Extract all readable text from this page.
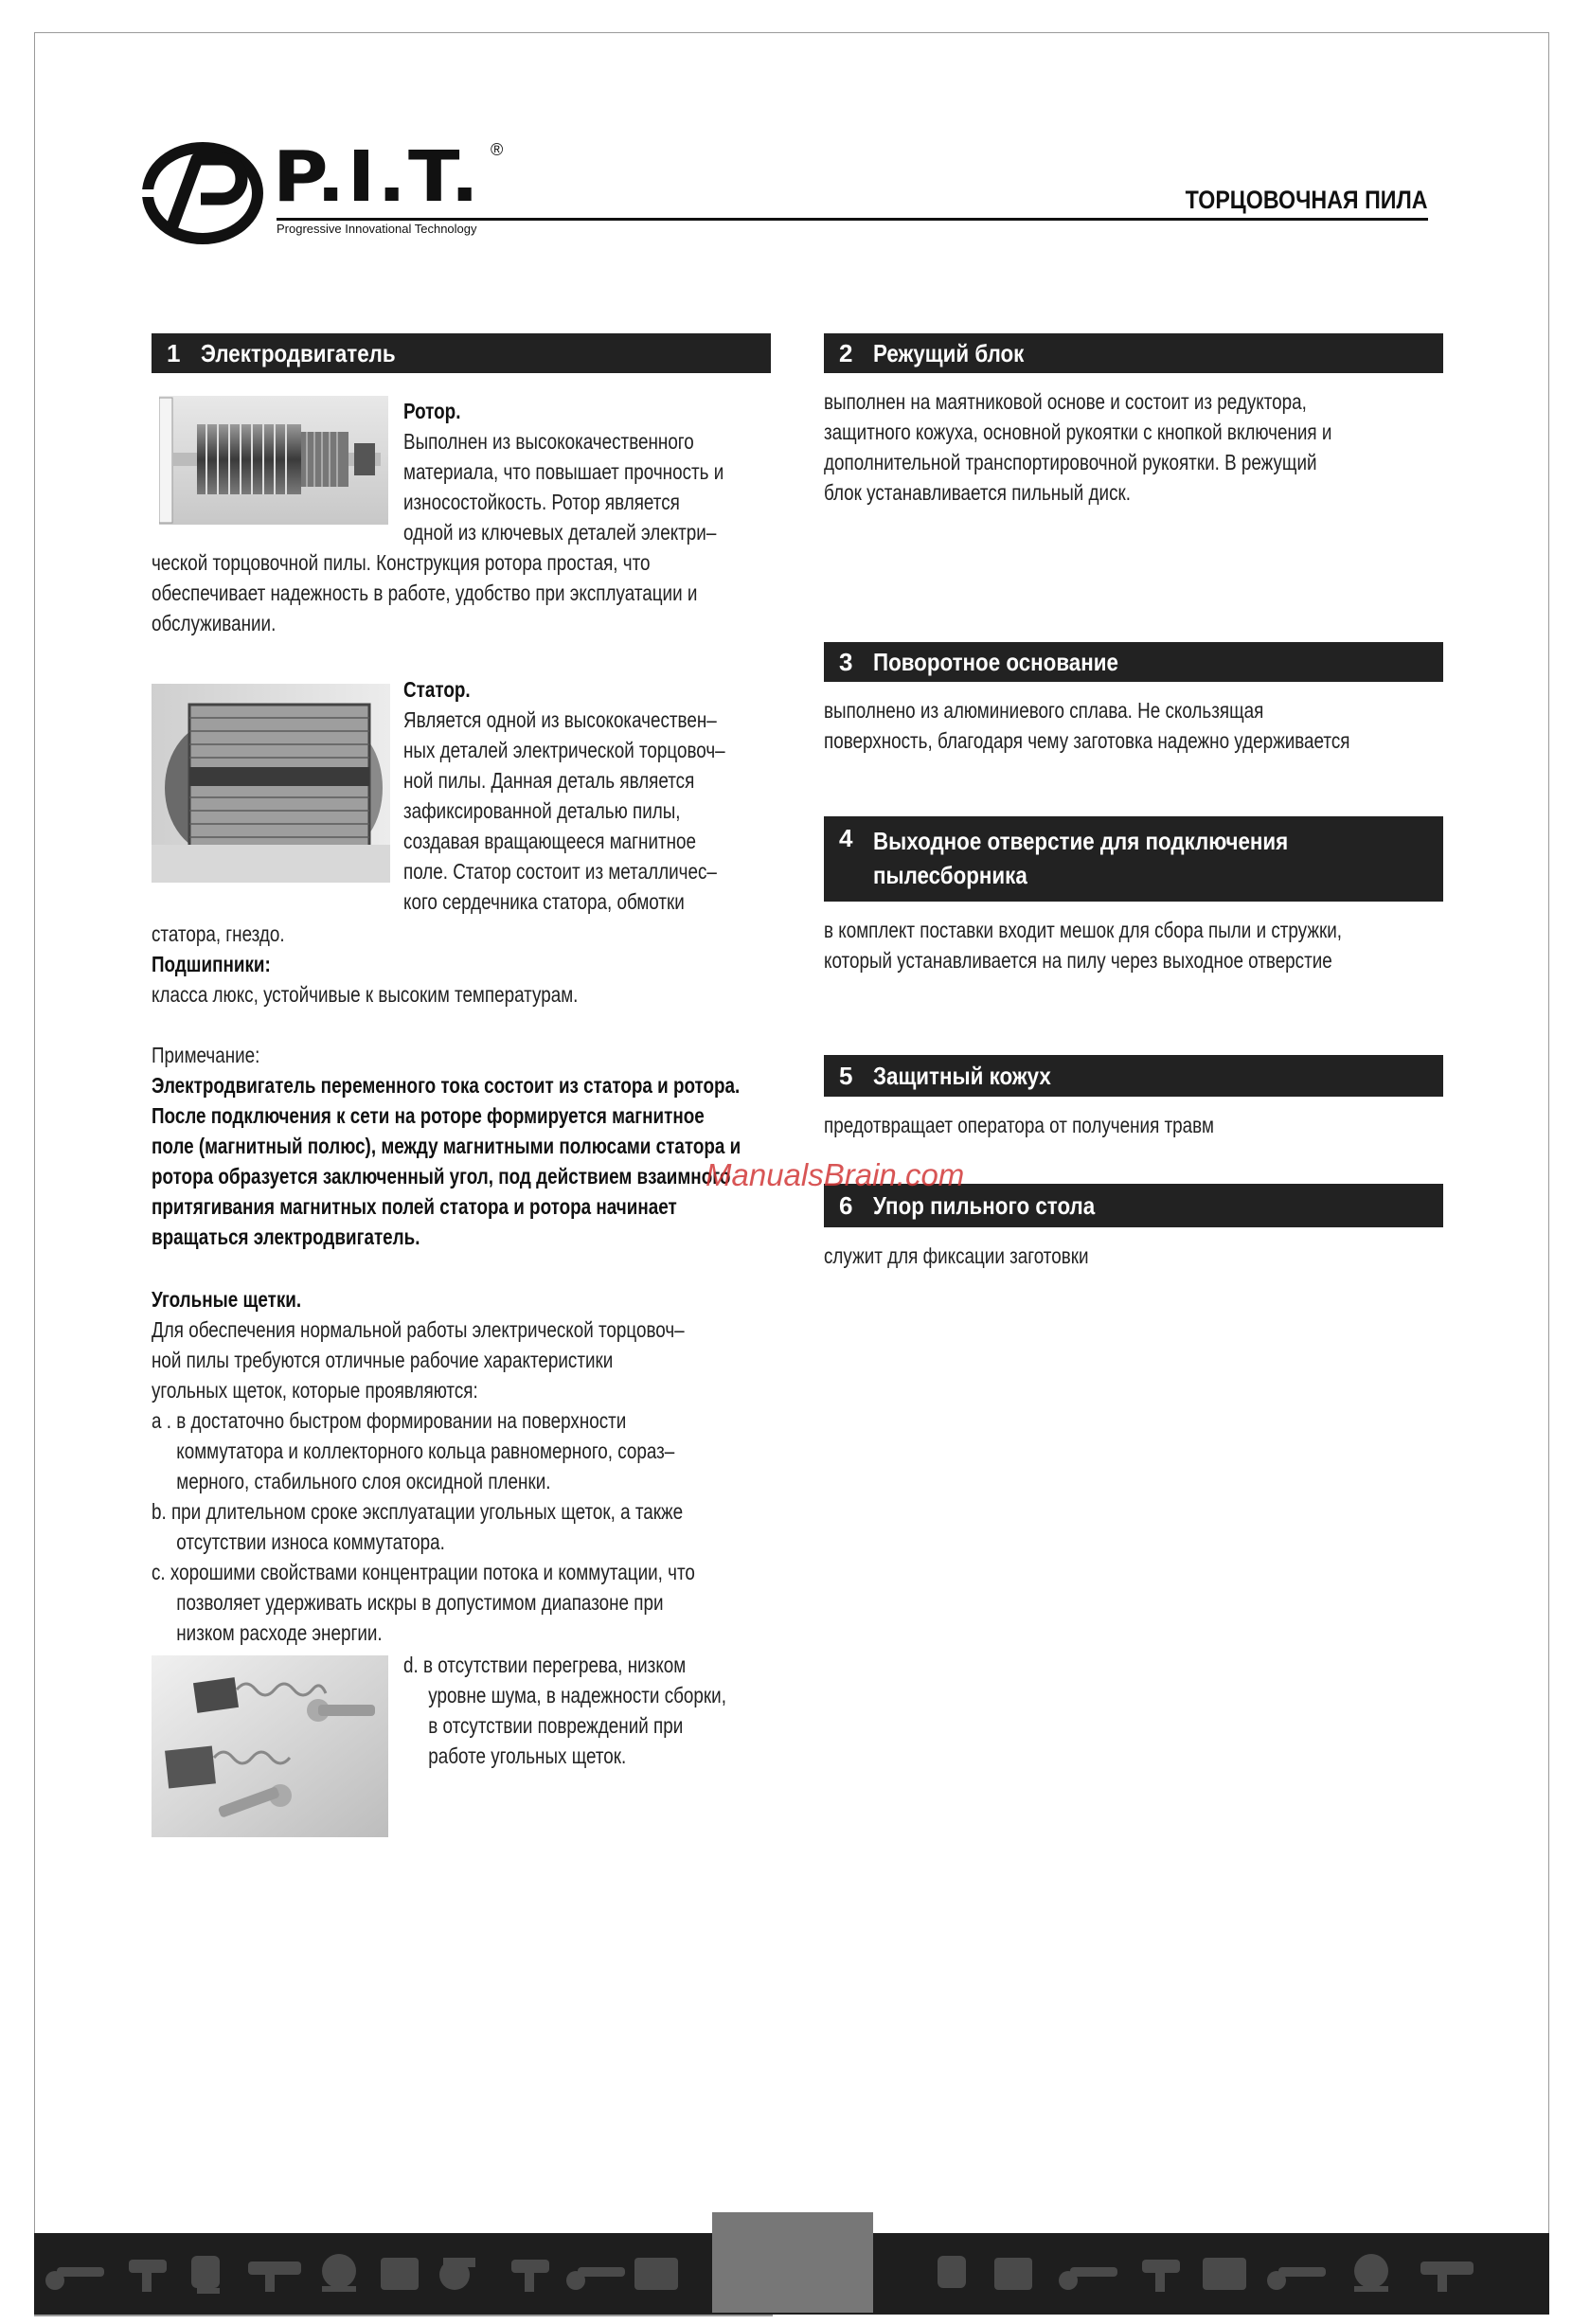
P.I.T. ®
Progressive Innovational Technology
ТОРЦОВОЧНАЯ ПИЛА
1 Электродвигатель
Ротор.
Выполнен из высококачественного
материала, что повышает прочность и
износостойкость. Ротор является
одной из ключевых деталей электри–
ческой торцовочной пилы. Конструкция ротора простая, что
обеспечивает надежность в работе, удобство при эксплуатации и
обслуживании.
Статор.
Является одной из высококачествен–
ных деталей электрической торцовоч–
ной пилы. Данная деталь является
зафиксированной деталью пилы,
создавая вращающееся магнитное
поле. Статор состоит из металличес–
кого сердечника статора, обмотки
статора, гнездо.
Подшипники:
класса люкс, устойчивые к высоким температурам.
Примечание:
Электродвигатель переменного тока состоит из статора и ротора.
После подключения к сети на роторе формируется магнитное
поле (магнитный полюс), между магнитными полюсами статора и
ротора образуется заключенный угол, под действием взаимного
притягивания магнитных полей статора и ротора начинает
вращаться электродвигатель.
Угольные щетки.
Для обеспечения нормальной работы электрической торцовоч–
ной пилы требуются отличные рабочие характеристики
угольных щеток, которые проявляются:
a . в достаточно быстром формировании на поверхности
коммутатора и коллекторного кольца равномерного, сораз–
мерного, стабильного слоя оксидной пленки.
b. при длительном сроке эксплуатации угольных щеток, а также
отсутствии износа коммутатора.
c. хорошими свойствами концентрации потока и коммутации, что
позволяет удерживать искры в допустимом диапазоне при
низком расходе энергии.
d. в отсутствии перегрева, низком
уровне шума, в надежности сборки,
в отсутствии повреждений при
работе угольных щеток.
2 Режущий блок
выполнен на маятниковой основе и состоит из редуктора,
защитного кожуха, основной рукоятки с кнопкой включения и
дополнительной транспортировочной рукоятки. В режущий
блок устанавливается пильный диск.
3 Поворотное основание
выполнено из алюминиевого сплава. Не скользящая
поверхность, благодаря чему заготовка надежно удерживается
4 Выходное отверстие для подключения пылесборника
в комплект поставки входит мешок для сбора пыли и стружки,
который устанавливается на пилу через выходное отверстие
5 Защитный кожух
предотвращает оператора от получения травм
6 Упор пильного стола
служит для фиксации заготовки
ManualsBrain.com
